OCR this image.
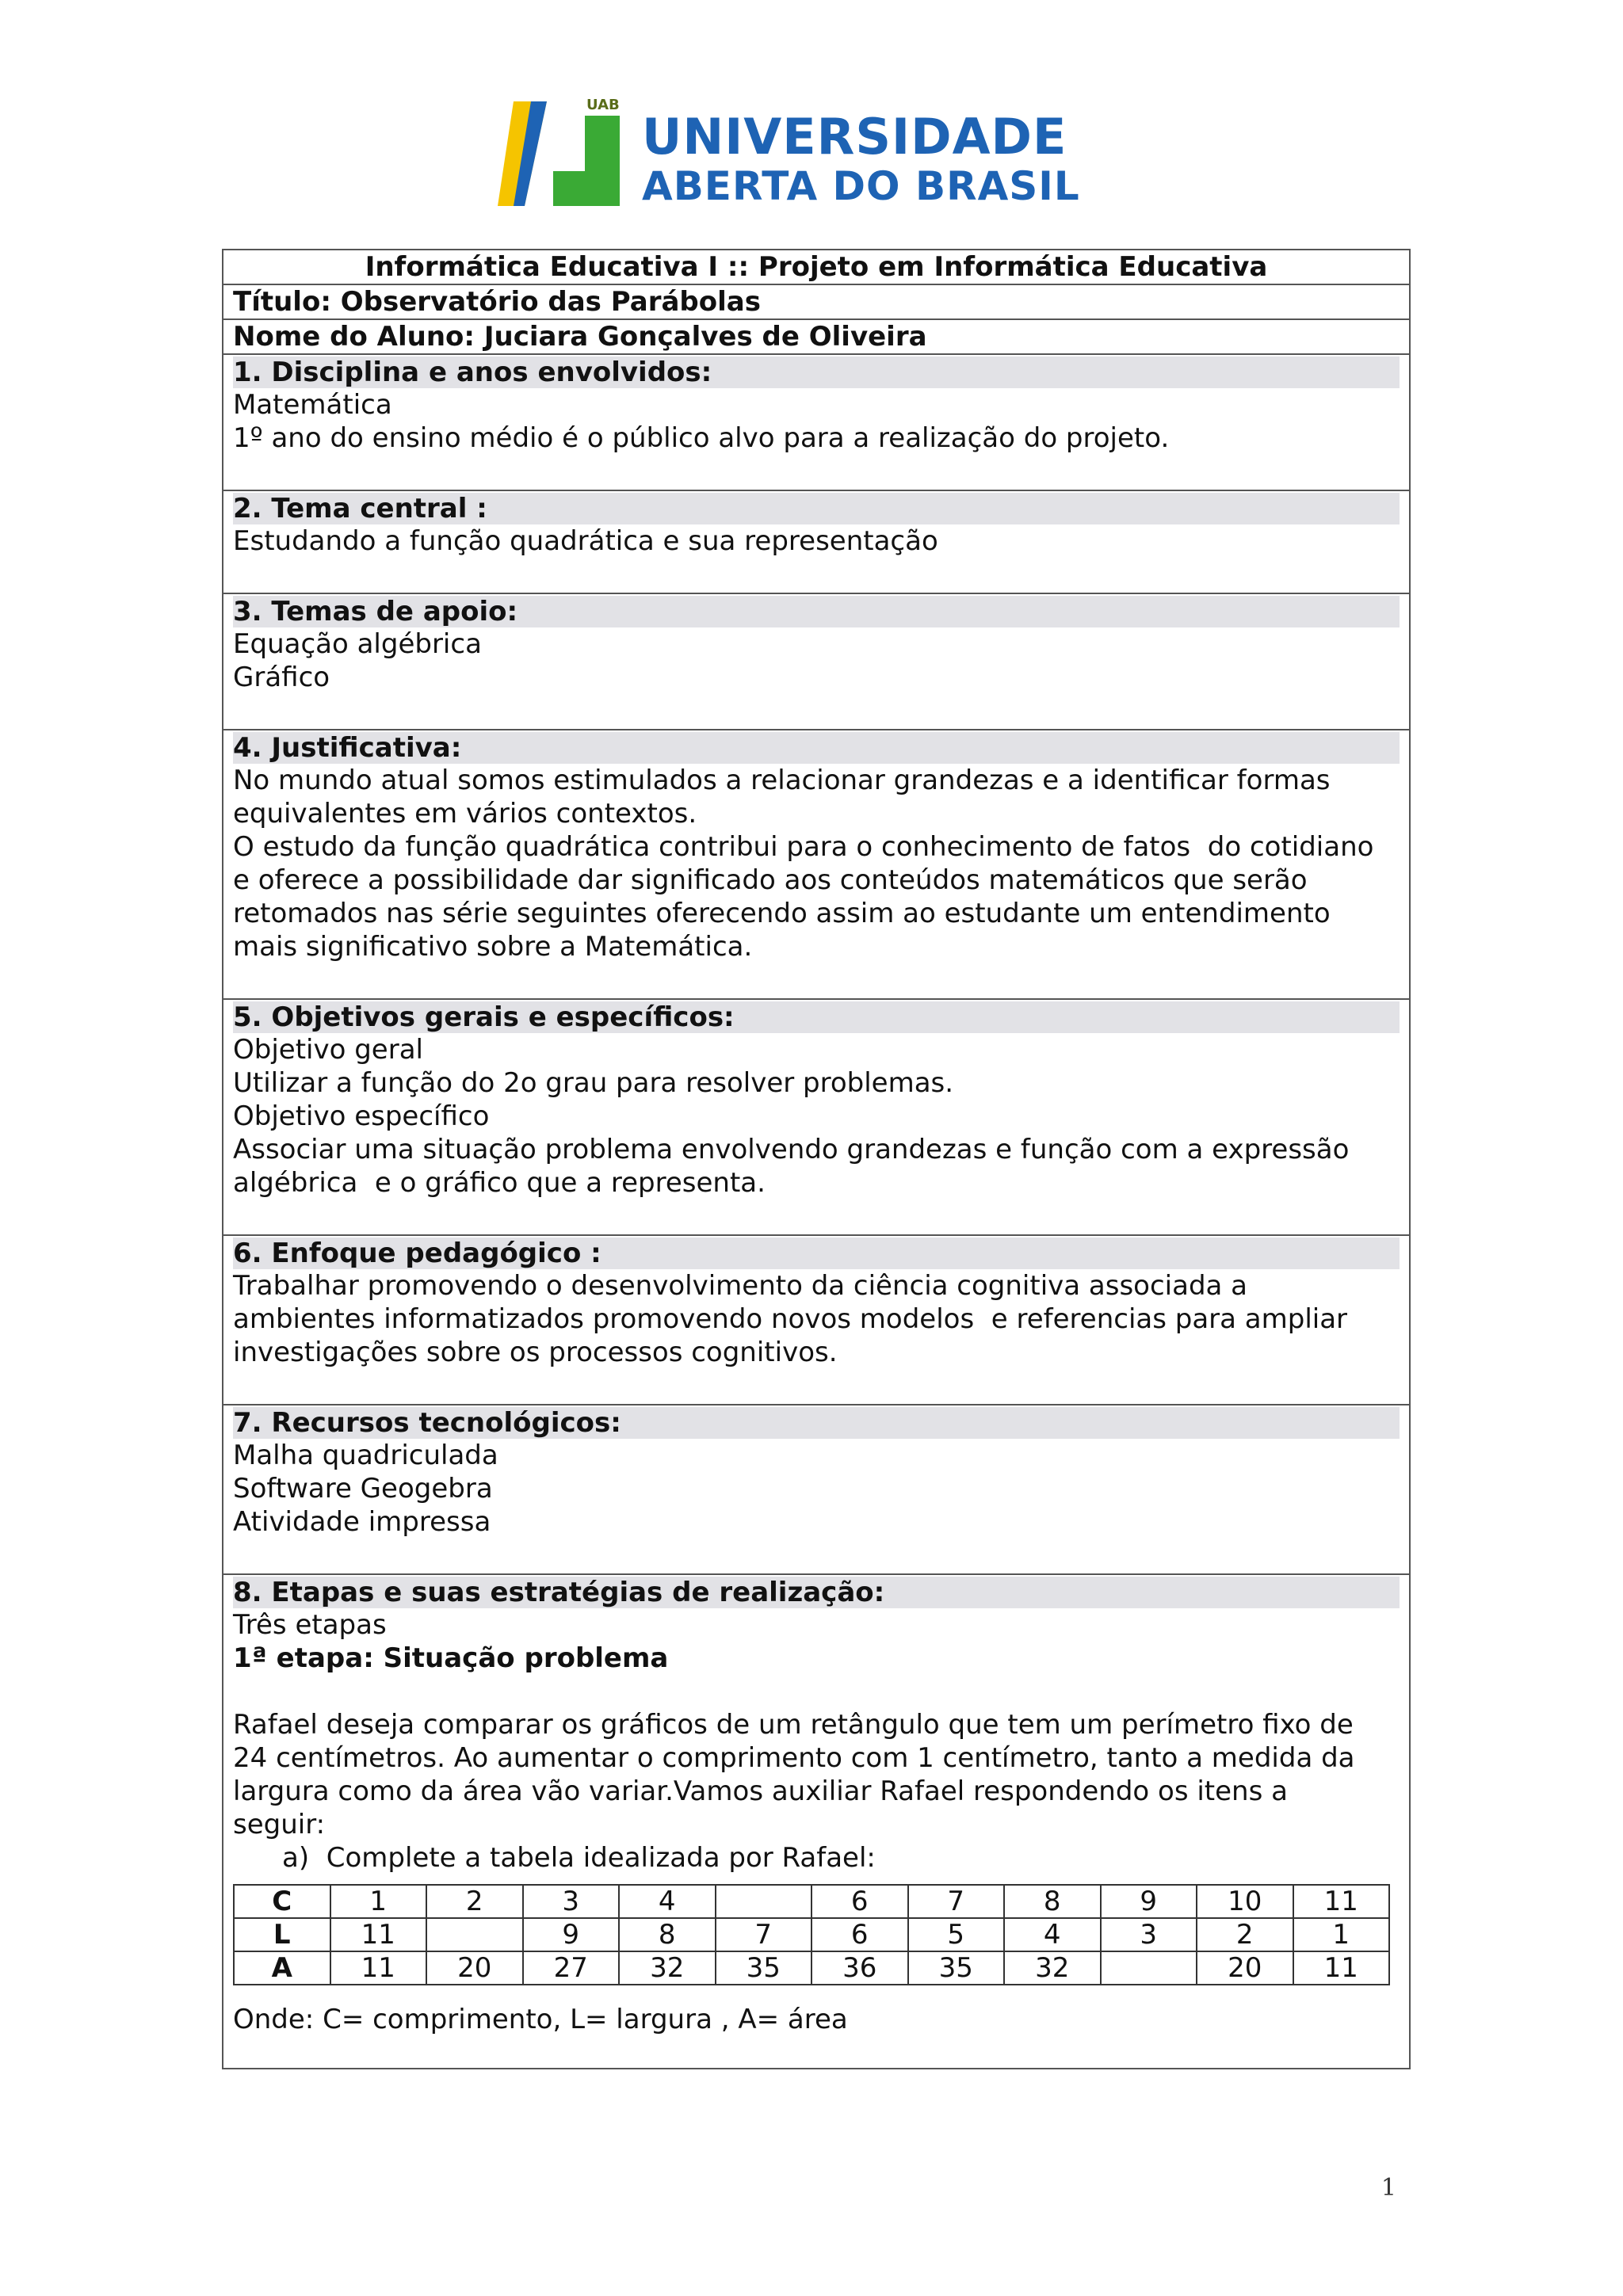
UAB
UNIVERSIDADE
ABERTA DO BRASIL
Informática Educativa I :: Projeto em Informática Educativa
Título: Observatório das Parábolas
Nome do Aluno: Juciara Gonçalves de Oliveira
1. Disciplina e anos envolvidos:
Matemática
1º ano do ensino médio é o público alvo para a realização do projeto.
2. Tema central :
Estudando a função quadrática e sua representação
3. Temas de apoio:
Equação algébrica
Gráfico
4. Justificativa:
No mundo atual somos estimulados a relacionar grandezas e a identificar formas
equivalentes em vários contextos.
O estudo da função quadrática contribui para o conhecimento de fatos  do cotidiano
e oferece a possibilidade dar significado aos conteúdos matemáticos que serão
retomados nas série seguintes oferecendo assim ao estudante um entendimento
mais significativo sobre a Matemática.
5. Objetivos gerais e específicos:
Objetivo geral
Utilizar a função do 2o grau para resolver problemas.
Objetivo específico
Associar uma situação problema envolvendo grandezas e função com a expressão
algébrica  e o gráfico que a representa.
6. Enfoque pedagógico :
Trabalhar promovendo o desenvolvimento da ciência cognitiva associada a
ambientes informatizados promovendo novos modelos  e referencias para ampliar
investigações sobre os processos cognitivos.
7. Recursos tecnológicos:
Malha quadriculada
Software Geogebra
Atividade impressa
8. Etapas e suas estratégias de realização:
Três etapas
1ª etapa: Situação problema
Rafael deseja comparar os gráficos de um retângulo que tem um perímetro fixo de
24 centímetros. Ao aumentar o comprimento com 1 centímetro, tanto a medida da
largura como da área vão variar.Vamos auxiliar Rafael respondendo os itens a
seguir:
a)  Complete a tabela idealizada por Rafael:
C	1	2	3	4		6	7	8	9	10	11
L	11		9	8	7	6	5	4	3	2	1
A	11	20	27	32	35	36	35	32		20	11
Onde: C= comprimento, L= largura , A= área
1
